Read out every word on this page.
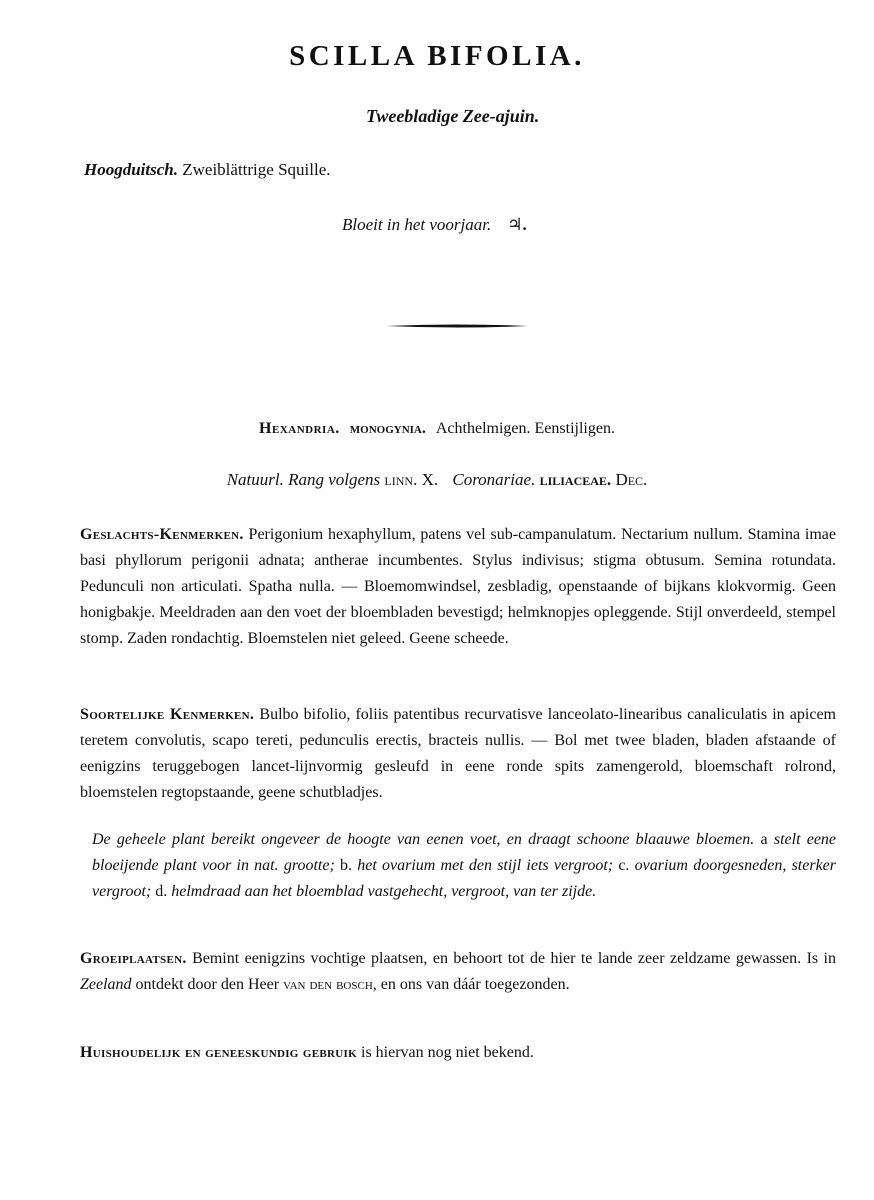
SCILLA BIFOLIA.
Tweebladige Zee-ajuin.
Hoogduitsch. Zweiblättrige Squille.
Bloeit in het voorjaar. ♃.
Hexandria. monogynia. Achthelmigen. Eenstijligen.
Natuurl. Rang volgens linn. X. Coronariae. liliaceae. Dec.
Geslachts-Kenmerken. Perigonium hexaphyllum, patens vel sub-campanulatum. Nectarium nullum. Stamina imae basi phyllorum perigonii adnata; antherae incumbentes. Stylus indivisus; stigma obtusum. Semina rotundata. Pedunculi non articulati. Spatha nulla. — Bloemomwindsel, zesbladig, openstaande of bijkans klokvormig. Geen honigbakje. Meeldraden aan den voet der bloembladen bevestigd; helmknopjes opleggende. Stijl onverdeeld, stempel stomp. Zaden rondachtig. Bloemstelen niet geleed. Geene scheede.
Soortelijke Kenmerken. Bulbo bifolio, foliis patentibus recurvatisve lanceolato-linearibus canaliculatis in apicem teretem convolutis, scapo tereti, pedunculis erectis, bracteis nullis. — Bol met twee bladen, bladen afstaande of eenigzins teruggebogen lancet-lijnvormig gesleufd in eene ronde spits zamengerold, bloemschaft rolrond, bloemstelen regtopstaande, geene schutbladjes.
De geheele plant bereikt ongeveer de hoogte van eenen voet, en draagt schoone blaauwe bloemen. a stelt eene bloeijende plant voor in nat. grootte; b. het ovarium met den stijl iets vergroot; c. ovarium doorgesneden, sterker vergroot; d. helmdraad aan het bloemblad vastgehecht, vergroot, van ter zijde.
Groeiplaatsen. Bemint eenigzins vochtige plaatsen, en behoort tot de hier te lande zeer zeldzame gewassen. Is in Zeeland ontdekt door den Heer van den bosch, en ons van dáár toegezonden.
Huishoudelijk en geneeskundig gebruik is hiervan nog niet bekend.
